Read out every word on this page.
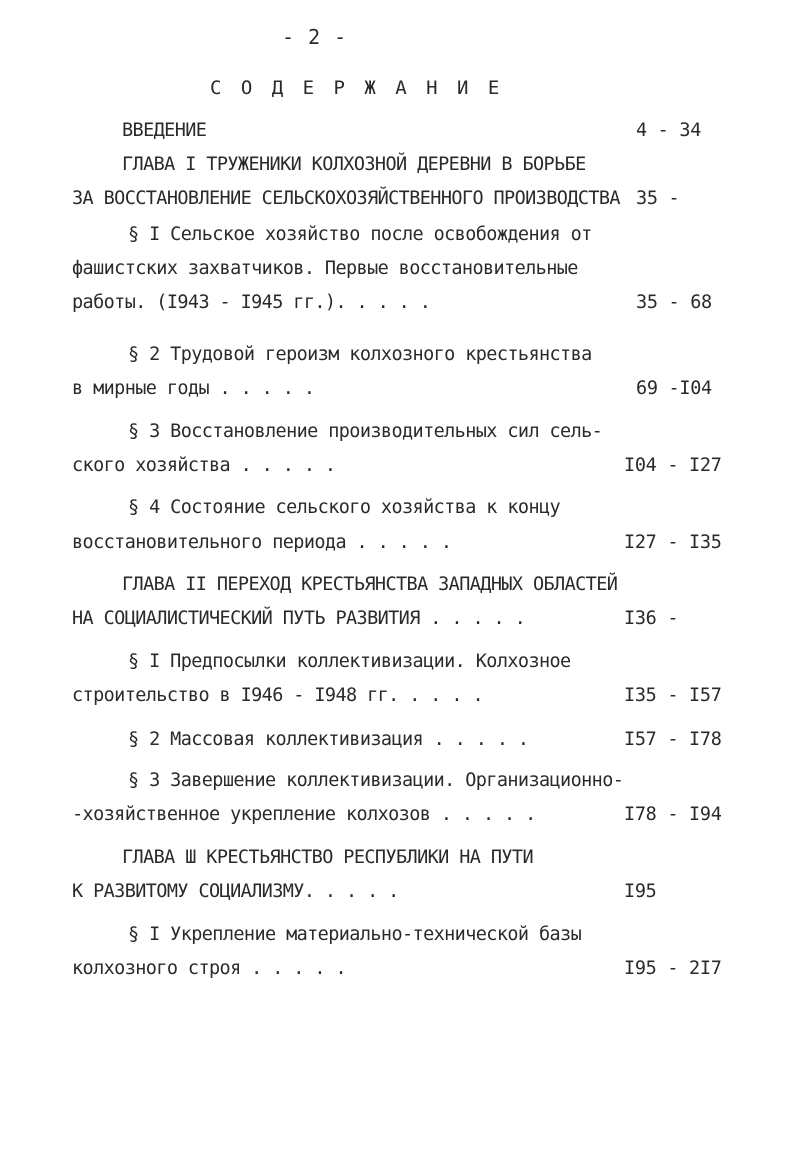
- 2 -
С О Д Е Р Ж А Н И Е
ВВЕДЕНИЕ	4 - 34
ГЛАВА I ТРУЖЕНИКИ КОЛХОЗНОЙ ДЕРЕВНИ В БОРЬБЕ
ЗА ВОССТАНОВЛЕНИЕ СЕЛЬСКОХОЗЯЙСТВЕННОГО ПРОИЗВОДСТВА 35 -
§ I Сельское хозяйство после освобождения от
фашистских захватчиков. Первые восстановительные
работы. (I943 - I945 гг.). . . . .	35 - 68
§ 2 Трудовой героизм колхозного крестьянства
в мирные годы . . . . .	69 -I04
§ 3 Восстановление производительных сил сель-
ского хозяйства . . . . .	I04 - I27
§ 4 Состояние сельского хозяйства к концу
восстановительного периода . . . . .	I27 - I35
ГЛАВА II ПЕРЕХОД КРЕСТЬЯНСТВА ЗАПАДНЫХ ОБЛАСТЕЙ
НА СОЦИАЛИСТИЧЕСКИЙ ПУТЬ РАЗВИТИЯ . . . . .	I36 -
§ I Предпосылки коллективизации. Колхозное
строительство в I946 - I948 гг. . . . .	I35 - I57
§ 2 Массовая коллективизация . . . . .	I57 - I78
§ 3 Завершение коллективизации. Организационно-
-хозяйственное укрепление колхозов . . . . .	I78 - I94
ГЛАВА Ш КРЕСТЬЯНСТВО РЕСПУБЛИКИ НА ПУТИ
К РАЗВИТОМУ СОЦИАЛИЗМУ. . . . .	I95
§ I Укрепление материально-технической базы
колхозного строя . . . . .	I95 - 2I7
